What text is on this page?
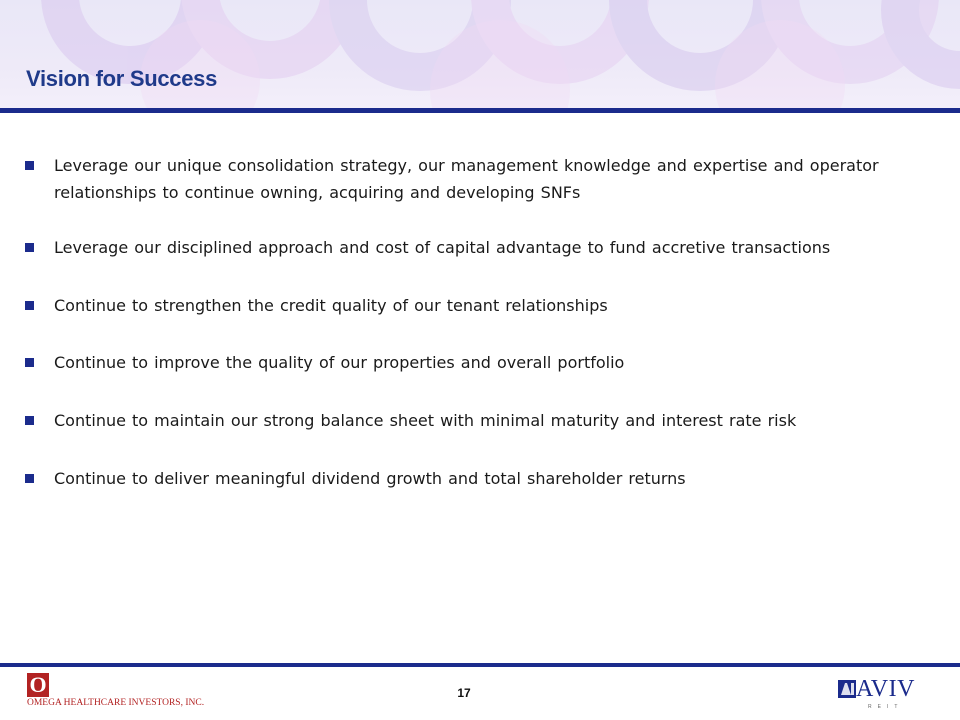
Vision for Success
Leverage our unique consolidation strategy, our management knowledge and expertise and operator relationships to continue owning, acquiring and developing SNFs
Leverage our disciplined approach and cost of capital advantage to fund accretive transactions
Continue to strengthen the credit quality of our tenant relationships
Continue to improve the quality of our properties and overall portfolio
Continue to maintain our strong balance sheet with minimal maturity and interest rate risk
Continue to deliver meaningful dividend growth and total shareholder returns
O
OMEGA HEALTHCARE INVESTORS, INC.
17	AVIV
REIT
